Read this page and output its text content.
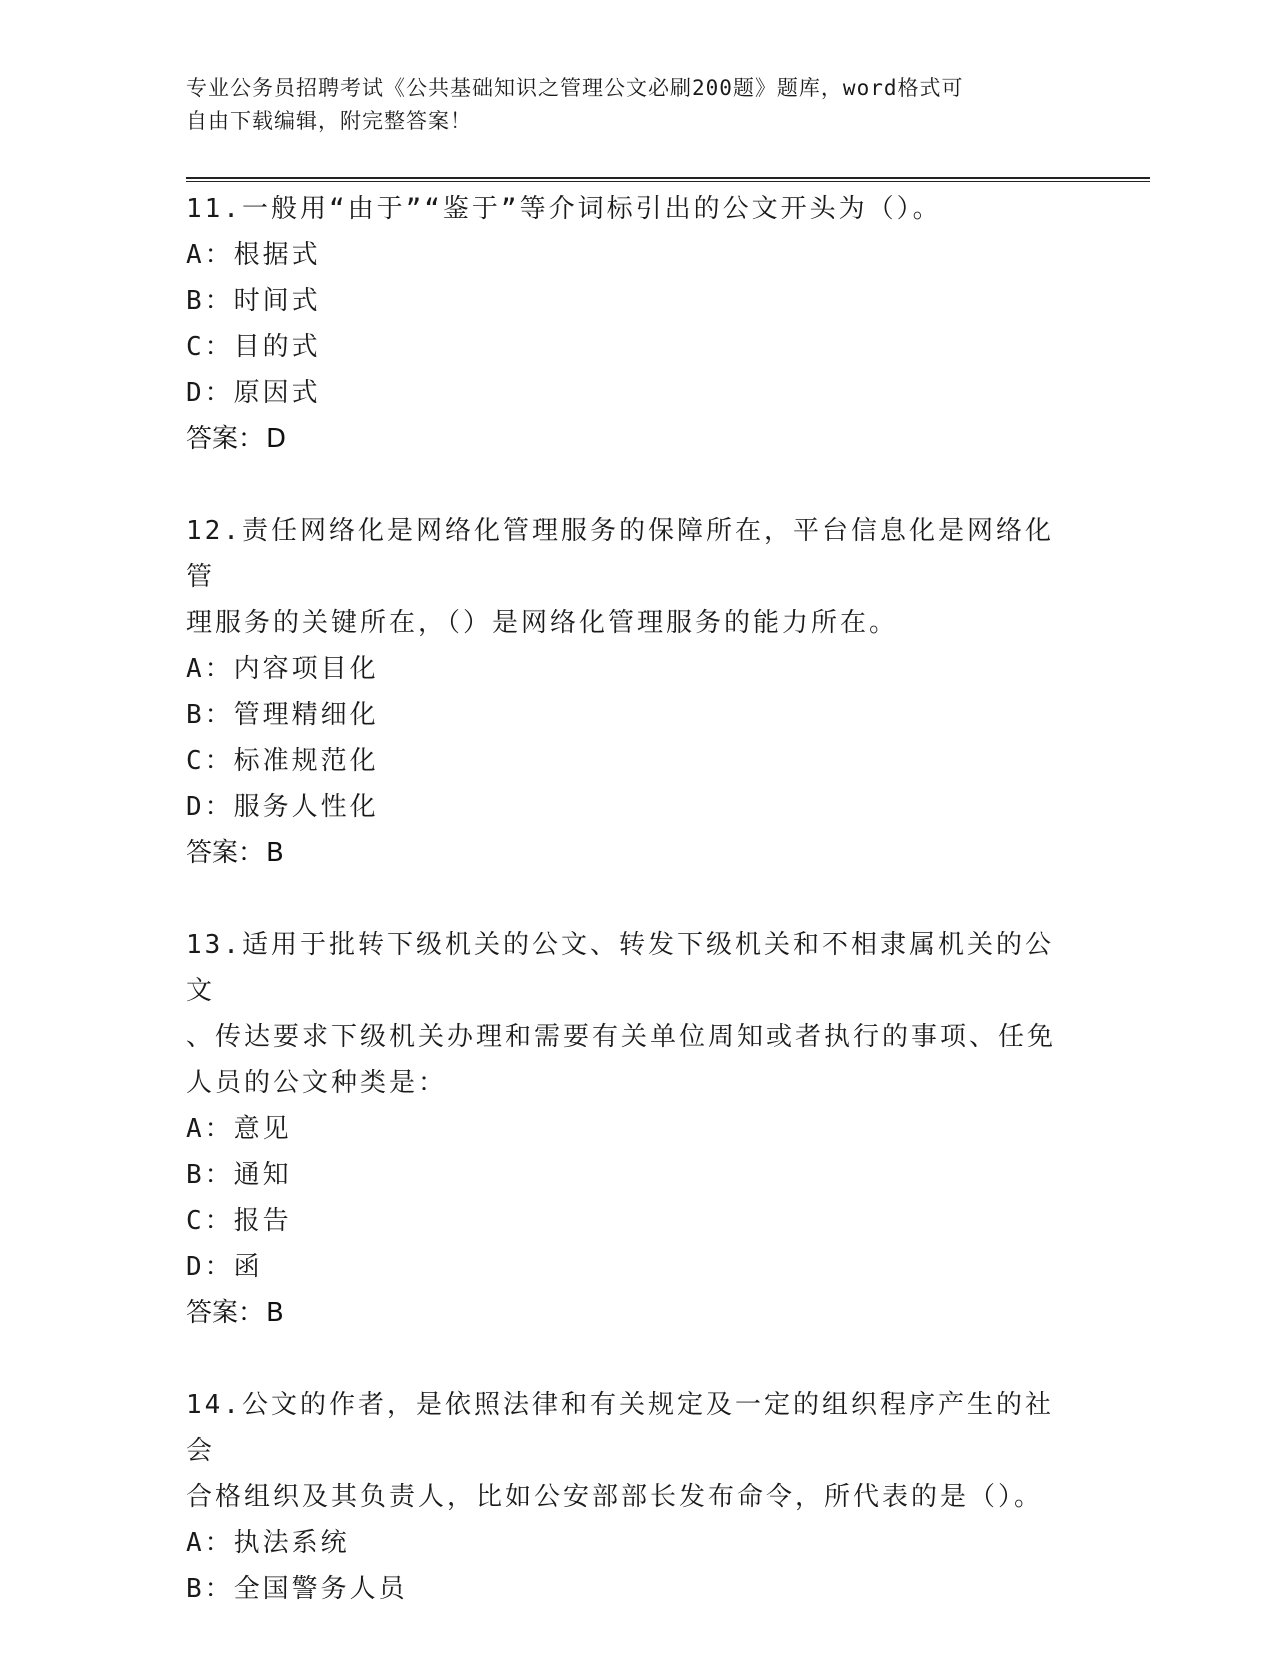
专业公务员招聘考试《公共基础知识之管理公文必刷200题》题库，word格式可
自由下载编辑，附完整答案！
11.一般用“由于”“鉴于”等介词标引出的公文开头为（）。
A：根据式
B：时间式
C：目的式
D：原因式
答案：D
12.责任网络化是网络化管理服务的保障所在，平台信息化是网络化管
理服务的关键所在，（）是网络化管理服务的能力所在。
A：内容项目化
B：管理精细化
C：标准规范化
D：服务人性化
答案：B
13.适用于批转下级机关的公文、转发下级机关和不相隶属机关的公文
、传达要求下级机关办理和需要有关单位周知或者执行的事项、任免
人员的公文种类是：
A：意见
B：通知
C：报告
D：函
答案：B
14.公文的作者，是依照法律和有关规定及一定的组织程序产生的社会
合格组织及其负责人，比如公安部部长发布命令，所代表的是（）。
A：执法系统
B：全国警务人员
